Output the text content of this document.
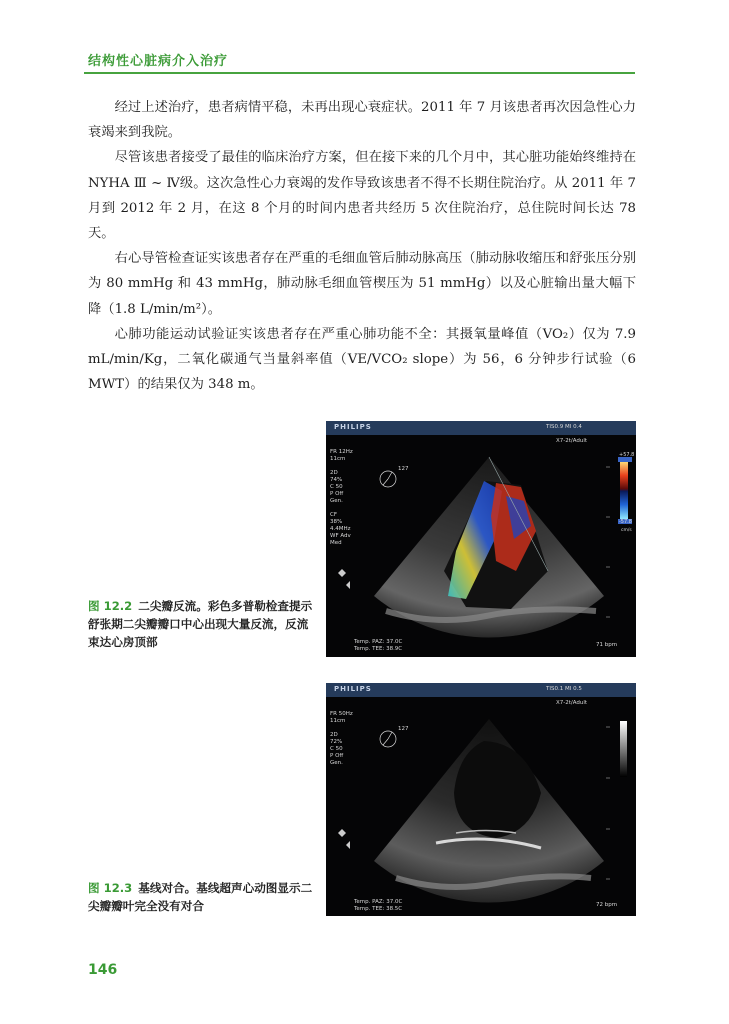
结构性心脏病介入治疗

经过上述治疗，患者病情平稳，未再出现心衰症状。2011 年 7 月该患者再次因急性心力衰竭来到我院。

尽管该患者接受了最佳的临床治疗方案，但在接下来的几个月中，其心脏功能始终维持在 NYHA Ⅲ ~ Ⅳ级。这次急性心力衰竭的发作导致该患者不得不长期住院治疗。从 2011 年 7 月到 2012 年 2 月，在这 8 个月的时间内患者共经历 5 次住院治疗，总住院时间长达 78 天。

右心导管检查证实该患者存在严重的毛细血管后肺动脉高压（肺动脉收缩压和舒张压分别为 80 mmHg 和 43 mmHg，肺动脉毛细血管楔压为 51 mmHg）以及心脏输出量大幅下降（1.8 L/min/m²）。

心肺功能运动试验证实该患者存在严重心肺功能不全：其摄氧量峰值（VO₂）仅为 7.9 mL/min/Kg，二氧化碳通气当量斜率值（VE/VCO₂ slope）为 56，6 分钟步行试验（6 MWT）的结果仅为 348 m。

PHILIPS	TIS0.9 MI 0.4
X7-2t/Adult
FR 12Hz
11cm

2D
74%
C 50
P Off
Gen.

CF
38%
4.4MHz
WF Adv
Med
127
+57.8
-57.8
cm/s
71 bpm
Temp. PAZ: 37.0C
Temp. TEE: 38.9C
图 12.2 二尖瓣反流。彩色多普勒检查提示舒张期二尖瓣瓣口中心出现大量反流，反流束达心房顶部
PHILIPS	TIS0.1 MI 0.5
X7-2t/Adult
FR 50Hz
11cm

2D
72%
C 50
P Off
Gen.
127
72 bpm
Temp. PAZ: 37.0C
Temp. TEE: 38.5C
图 12.3 基线对合。基线超声心动图显示二尖瓣瓣叶完全没有对合
146
